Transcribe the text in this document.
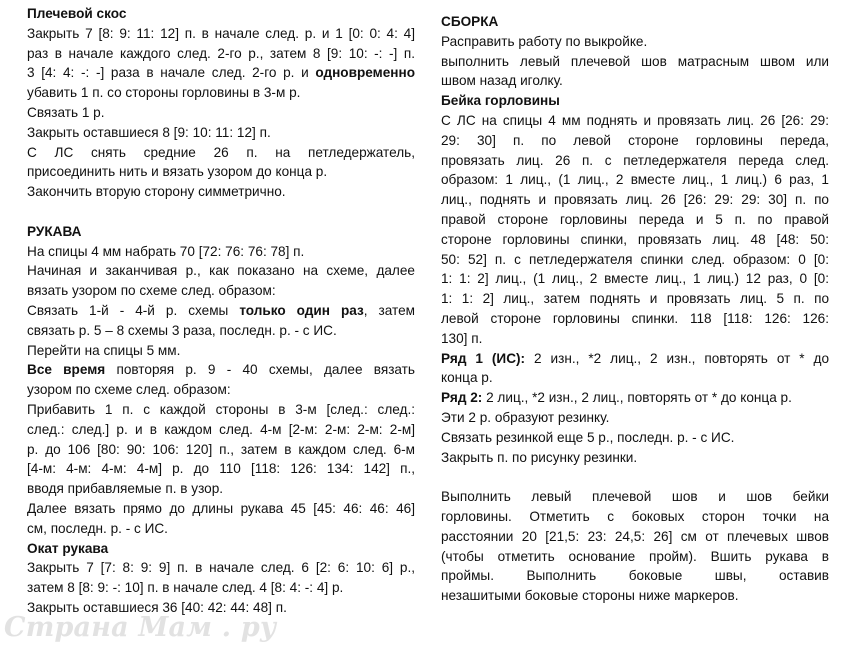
Плечевой скос
Закрыть 7 [8: 9: 11: 12] п. в начале след. р. и 1 [0: 0: 4: 4]
раз в начале каждого след. 2-го р., затем 8 [9: 10: -: -] п.
3 [4: 4: -: -] раза в начале след. 2-го р. и одновременно
убавить 1 п. со стороны горловины в 3-м р.
Связать 1 р.
Закрыть оставшиеся 8 [9: 10: 11: 12] п.
С ЛС снять средние 26 п. на петледержатель,
присоединить нить и вязать узором до конца р.
Закончить вторую сторону симметрично.
РУКАВА
На спицы 4 мм набрать 70 [72: 76: 76: 78] п.
Начиная и заканчивая р., как показано на схеме, далее
вязать узором по схеме след. образом:
Связать 1-й - 4-й р. схемы только один раз, затем
связать р. 5 – 8 схемы 3 раза, последн. р. - с ИС.
Перейти на спицы 5 мм.
Все время повторяя р. 9 - 40 схемы, далее вязать
узором по схеме след. образом:
Прибавить 1 п. с каждой стороны в 3-м [след.: след.:
след.: след.] р. и в каждом след. 4-м [2-м: 2-м: 2-м: 2-м]
р. до 106 [80: 90: 106: 120] п., затем в каждом след. 6-м
[4-м: 4-м: 4-м: 4-м] р. до 110 [118: 126: 134: 142] п.,
вводя прибавляемые п. в узор.
Далее вязать прямо до длины рукава 45 [45: 46: 46: 46]
см, последн. р. - с ИС.
Окат рукава
Закрыть 7 [7: 8: 9: 9] п. в начале след. 6 [2: 6: 10: 6] р.,
затем 8 [8: 9: -: 10] п. в начале след. 4 [8: 4: -: 4] р.
Закрыть оставшиеся 36 [40: 42: 44: 48] п.
СБОРКА
Расправить работу по выкройке.
выполнить левый плечевой шов матрасным швом или
швом назад иголку.
Бейка горловины
С ЛС на спицы 4 мм поднять и провязать лиц. 26 [26: 29:
29: 30] п. по левой стороне горловины переда,
провязать лиц. 26 п. с петледержателя переда след.
образом: 1 лиц., (1 лиц., 2 вместе лиц., 1 лиц.) 6 раз, 1
лиц., поднять и провязать лиц. 26 [26: 29: 29: 30] п. по
правой стороне горловины переда и 5 п. по правой
стороне горловины спинки, провязать лиц. 48 [48: 50:
50: 52] п. с петледержателя спинки след. образом: 0 [0:
1: 1: 2] лиц., (1 лиц., 2 вместе лиц., 1 лиц.) 12 раз, 0 [0:
1: 1: 2] лиц., затем поднять и провязать лиц. 5 п. по
левой стороне горловины спинки. 118 [118: 126: 126:
130] п.
Ряд 1 (ИС): 2 изн., *2 лиц., 2 изн., повторять от * до
конца р.
Ряд 2: 2 лиц., *2 изн., 2 лиц., повторять от * до конца р.
Эти 2 р. образуют резинку.
Связать резинкой еще 5 р., последн. р. - с ИС.
Закрыть п. по рисунку резинки.
Выполнить левый плечевой шов и шов бейки
горловины. Отметить с боковых сторон точки на
расстоянии 20 [21,5: 23: 24,5: 26] см от плечевых швов
(чтобы отметить основание пройм). Вшить рукава в
проймы. Выполнить боковые швы, оставив
незашитыми боковые стороны ниже маркеров.
Страна Мам . ру
